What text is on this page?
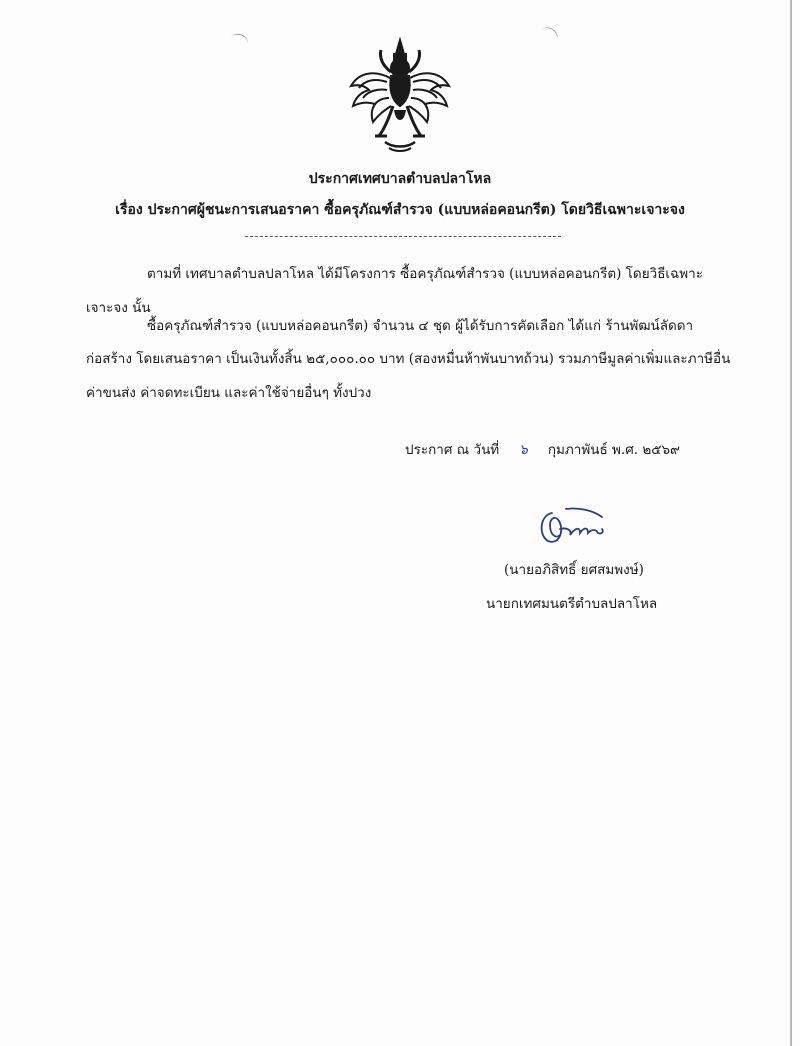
ประกาศเทศบาลตำบลปลาโหล
เรื่อง ประกาศผู้ชนะการเสนอราคา ซื้อครุภัณฑ์สำรวจ (แบบหล่อคอนกรีต) โดยวิธีเฉพาะเจาะจง
ตามที่ เทศบาลตำบลปลาโหล ได้มีโครงการ ซื้อครุภัณฑ์สำรวจ (แบบหล่อคอนกรีต) โดยวิธีเฉพาะ
เจาะจง นั้น
ซื้อครุภัณฑ์สำรวจ (แบบหล่อคอนกรีต) จำนวน ๔ ชุด ผู้ได้รับการคัดเลือก ได้แก่ ร้านพัฒน์ลัดดา
ก่อสร้าง โดยเสนอราคา เป็นเงินทั้งสิ้น ๒๕,๐๐๐.๐๐ บาท (สองหมื่นห้าพันบาทถ้วน) รวมภาษีมูลค่าเพิ่มและภาษีอื่น
ค่าขนส่ง ค่าจดทะเบียน และค่าใช้จ่ายอื่นๆ ทั้งปวง
ประกาศ ณ วันที่ ๖ กุมภาพันธ์ พ.ศ. ๒๕๖๙
(นายอภิสิทธิ์ ยศสมพงษ์)
นายกเทศมนตรีตำบลปลาโหล
